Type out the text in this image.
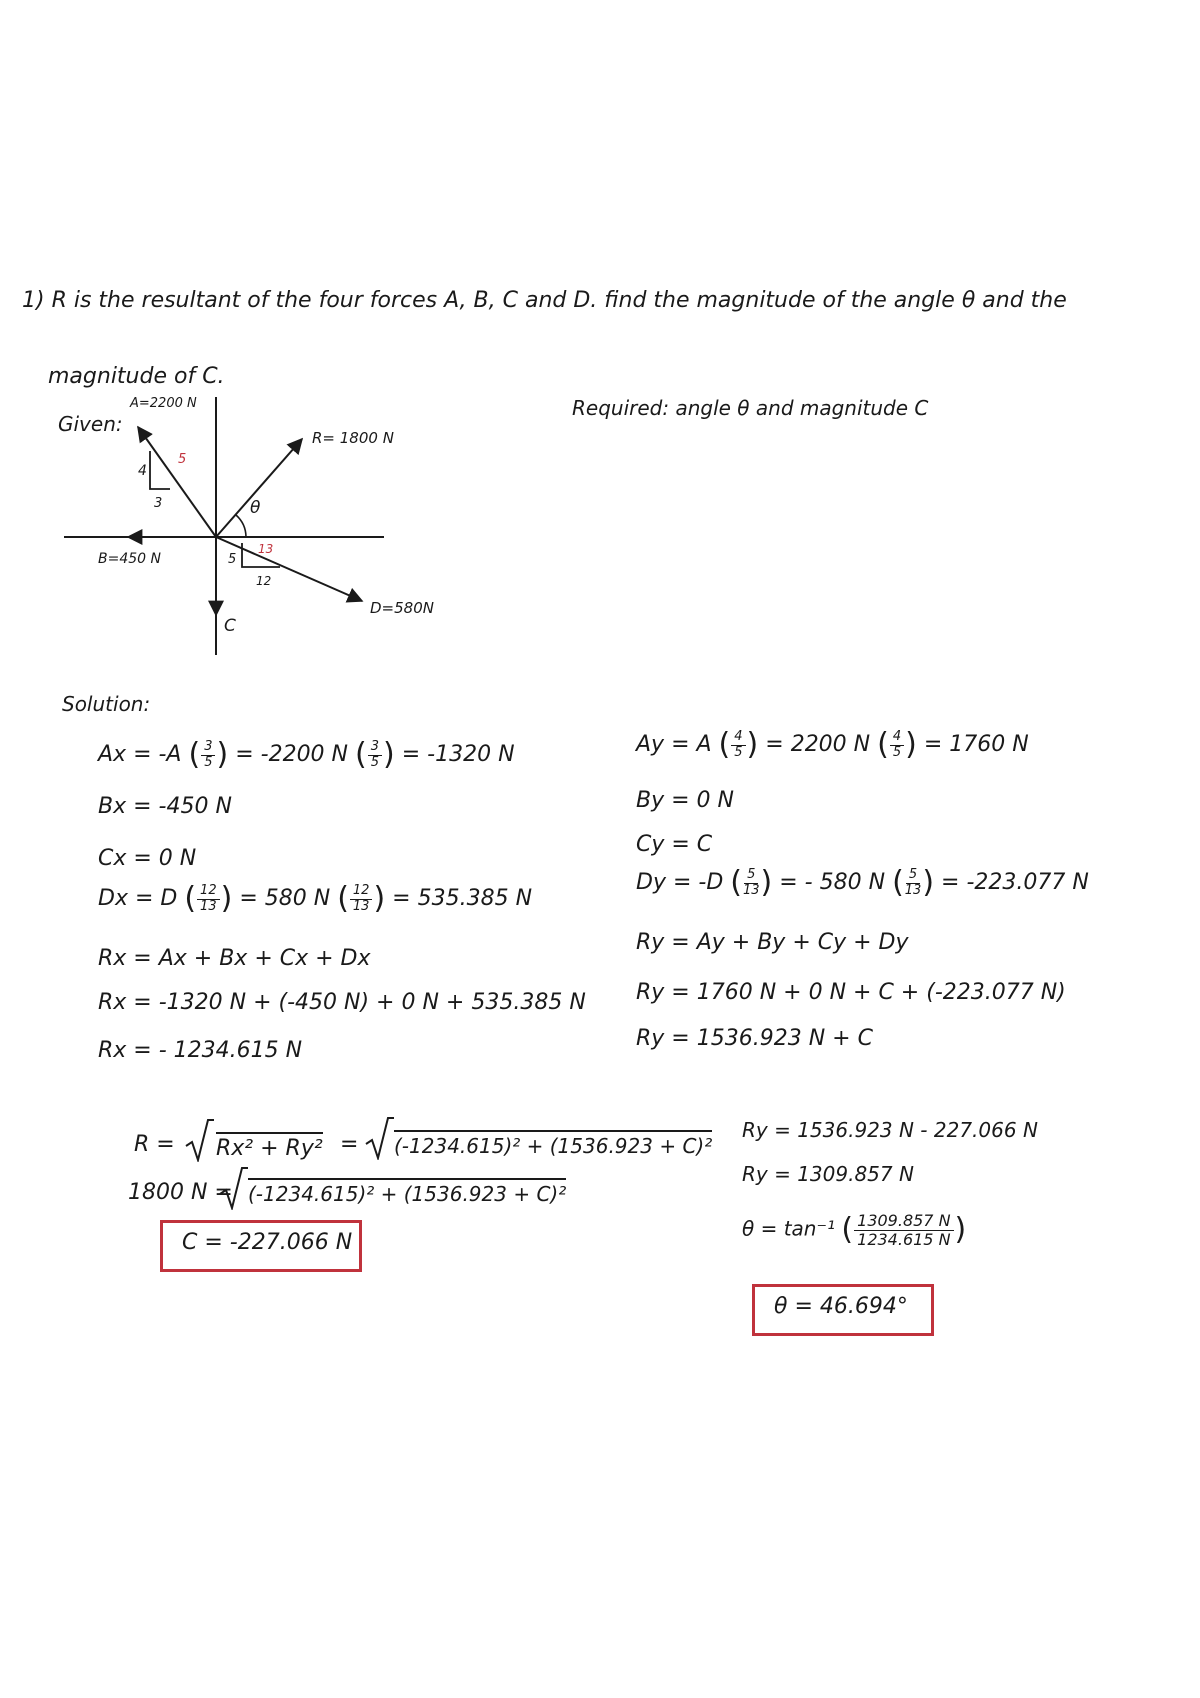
1) R is the resultant of the four forces A, B, C and D. find the magnitude of the angle θ and the
magnitude of C.
Given:
Required: angle θ and magnitude C
A=2200 N
R= 1800 N
B=450 N
D=580N
C
θ
4
3
5
5
12
13
Solution:
Ax = -A ( $\frac{3}{5}$ ) = -2200 N ( $\frac{3}{5}$ ) = -1320 N
Bx = -450 N
Cx = 0 N
Dx = D ( $\frac{12}{13}$ ) = 580 N ( $\frac{12}{13}$ ) = 535.385 N
Rx = Ax + Bx + Cx + Dx
Rx = -1320 N + (-450 N) + 0 N + 535.385 N
Rx = - 1234.615 N
Ay = A ( $\frac{4}{5}$ ) = 2200 N ( $\frac{4}{5}$ ) = 1760 N
By = 0 N
Cy = C
Dy = -D ( $\frac{5}{13}$ ) = - 580 N ( $\frac{5}{13}$ ) = -223.077 N
Ry = Ay + By + Cy + Dy
Ry = 1760 N + 0 N + C + (-223.077 N)
Ry = 1536.923 N + C
R = Rx² + Ry² = (-1234.615)² + (1536.923 + C)²
1800 N = (-1234.615)² + (1536.923 + C)²
C = -227.066 N
Ry = 1536.923 N - 227.066 N
Ry = 1309.857 N
θ = tan⁻¹ ( $\frac{1309.857 N}{1234.615 N}$ )
θ = 46.694°
